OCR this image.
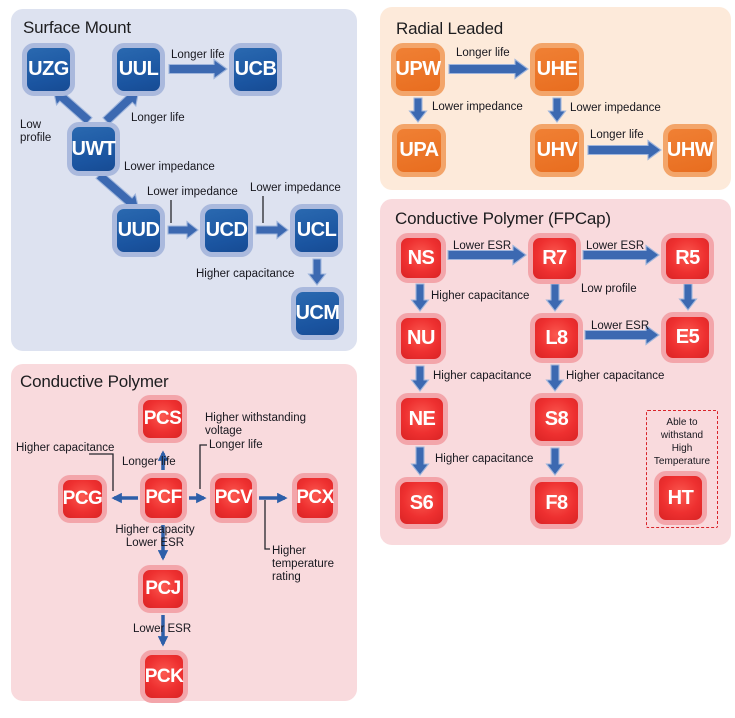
Surface Mount
UZG	UUL	UCB
UWT
UUD UCD	UCL
UCM
Longer life
Low profile
Longer life
Lower impedance
Lower impedance Lower impedance
Higher capacitance
Radial Leaded
UPW	UHE
UPA	UHV	UHW
Longer life
Lower impedance	Lower impedance
Longer life
Conductive Polymer (FPCap)
NS	R7	R5
NU	L8	E5
NE	S8
S6	F8
Lower ESR	Lower ESR
Higher capacitance
Low profile
Lower ESR
Higher capacitance	Higher capacitance
Higher capacitance
Able to withstand High Temperature
HT
Conductive Polymer
PCS
PCG PCF PCV PCX
PCJ
PCK
Longer life
Higher capacitance	Longer life
Higher withstanding
voltage
Higher capacity
Lower ESR
Lower ESR
Higher temperature rating
